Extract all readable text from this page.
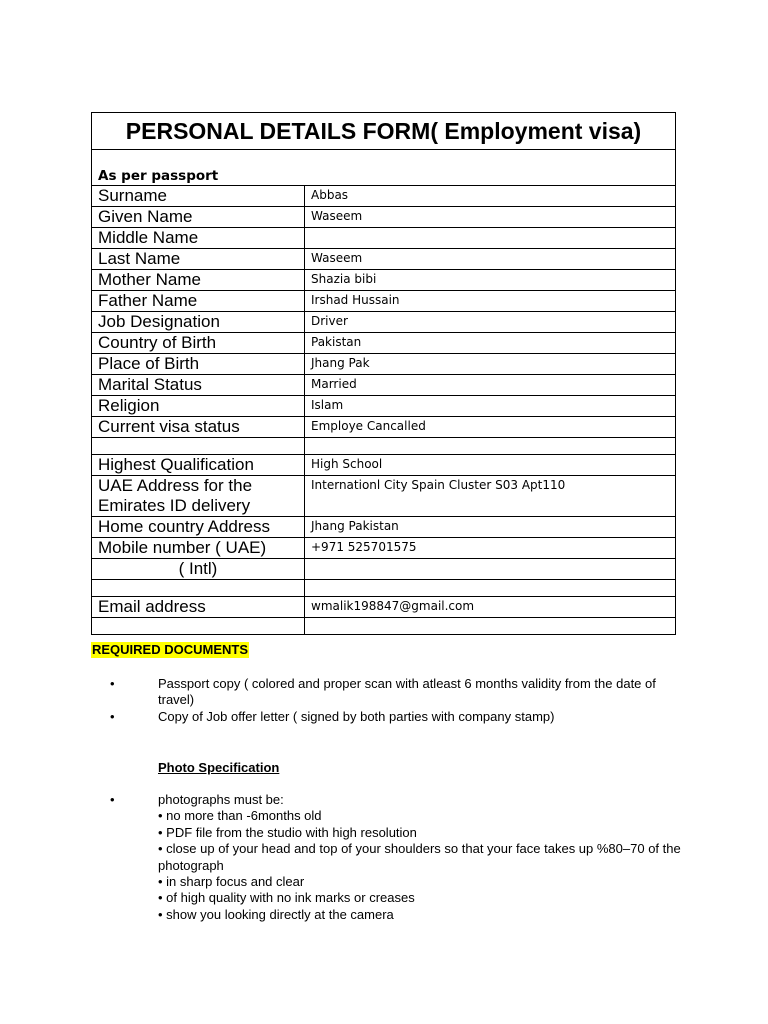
PERSONAL DETAILS FORM( Employment visa)	
As per passport	
Surname	Abbas
Given Name	Waseem
Middle Name	
Last Name	Waseem
Mother Name	Shazia bibi
Father Name	Irshad Hussain
Job Designation	Driver
Country of Birth	Pakistan
Place of Birth	Jhang Pak
Marital Status	Married
Religion	Islam
Current visa status	Employe Cancalled

Highest Qualification	High School
UAE Address for the Emirates ID delivery	Internationl City Spain Cluster S03 Apt110
Home country Address	Jhang Pakistan
Mobile number ( UAE)	+971 525701575
( Intl)	

Email address	wmalik198847@gmail.com

REQUIRED DOCUMENTS
•	Passport copy ( colored and proper scan with atleast 6 months validity from the date of travel)
•	Copy of Job offer letter ( signed by both parties with company stamp)
Photo Specification
•	photographs must be:
• no more than -6months old
• PDF file from the studio with high resolution
• close up of your head and top of your shoulders so that your face takes up %80–70 of the photograph
• in sharp focus and clear
• of high quality with no ink marks or creases
• show you looking directly at the camera
